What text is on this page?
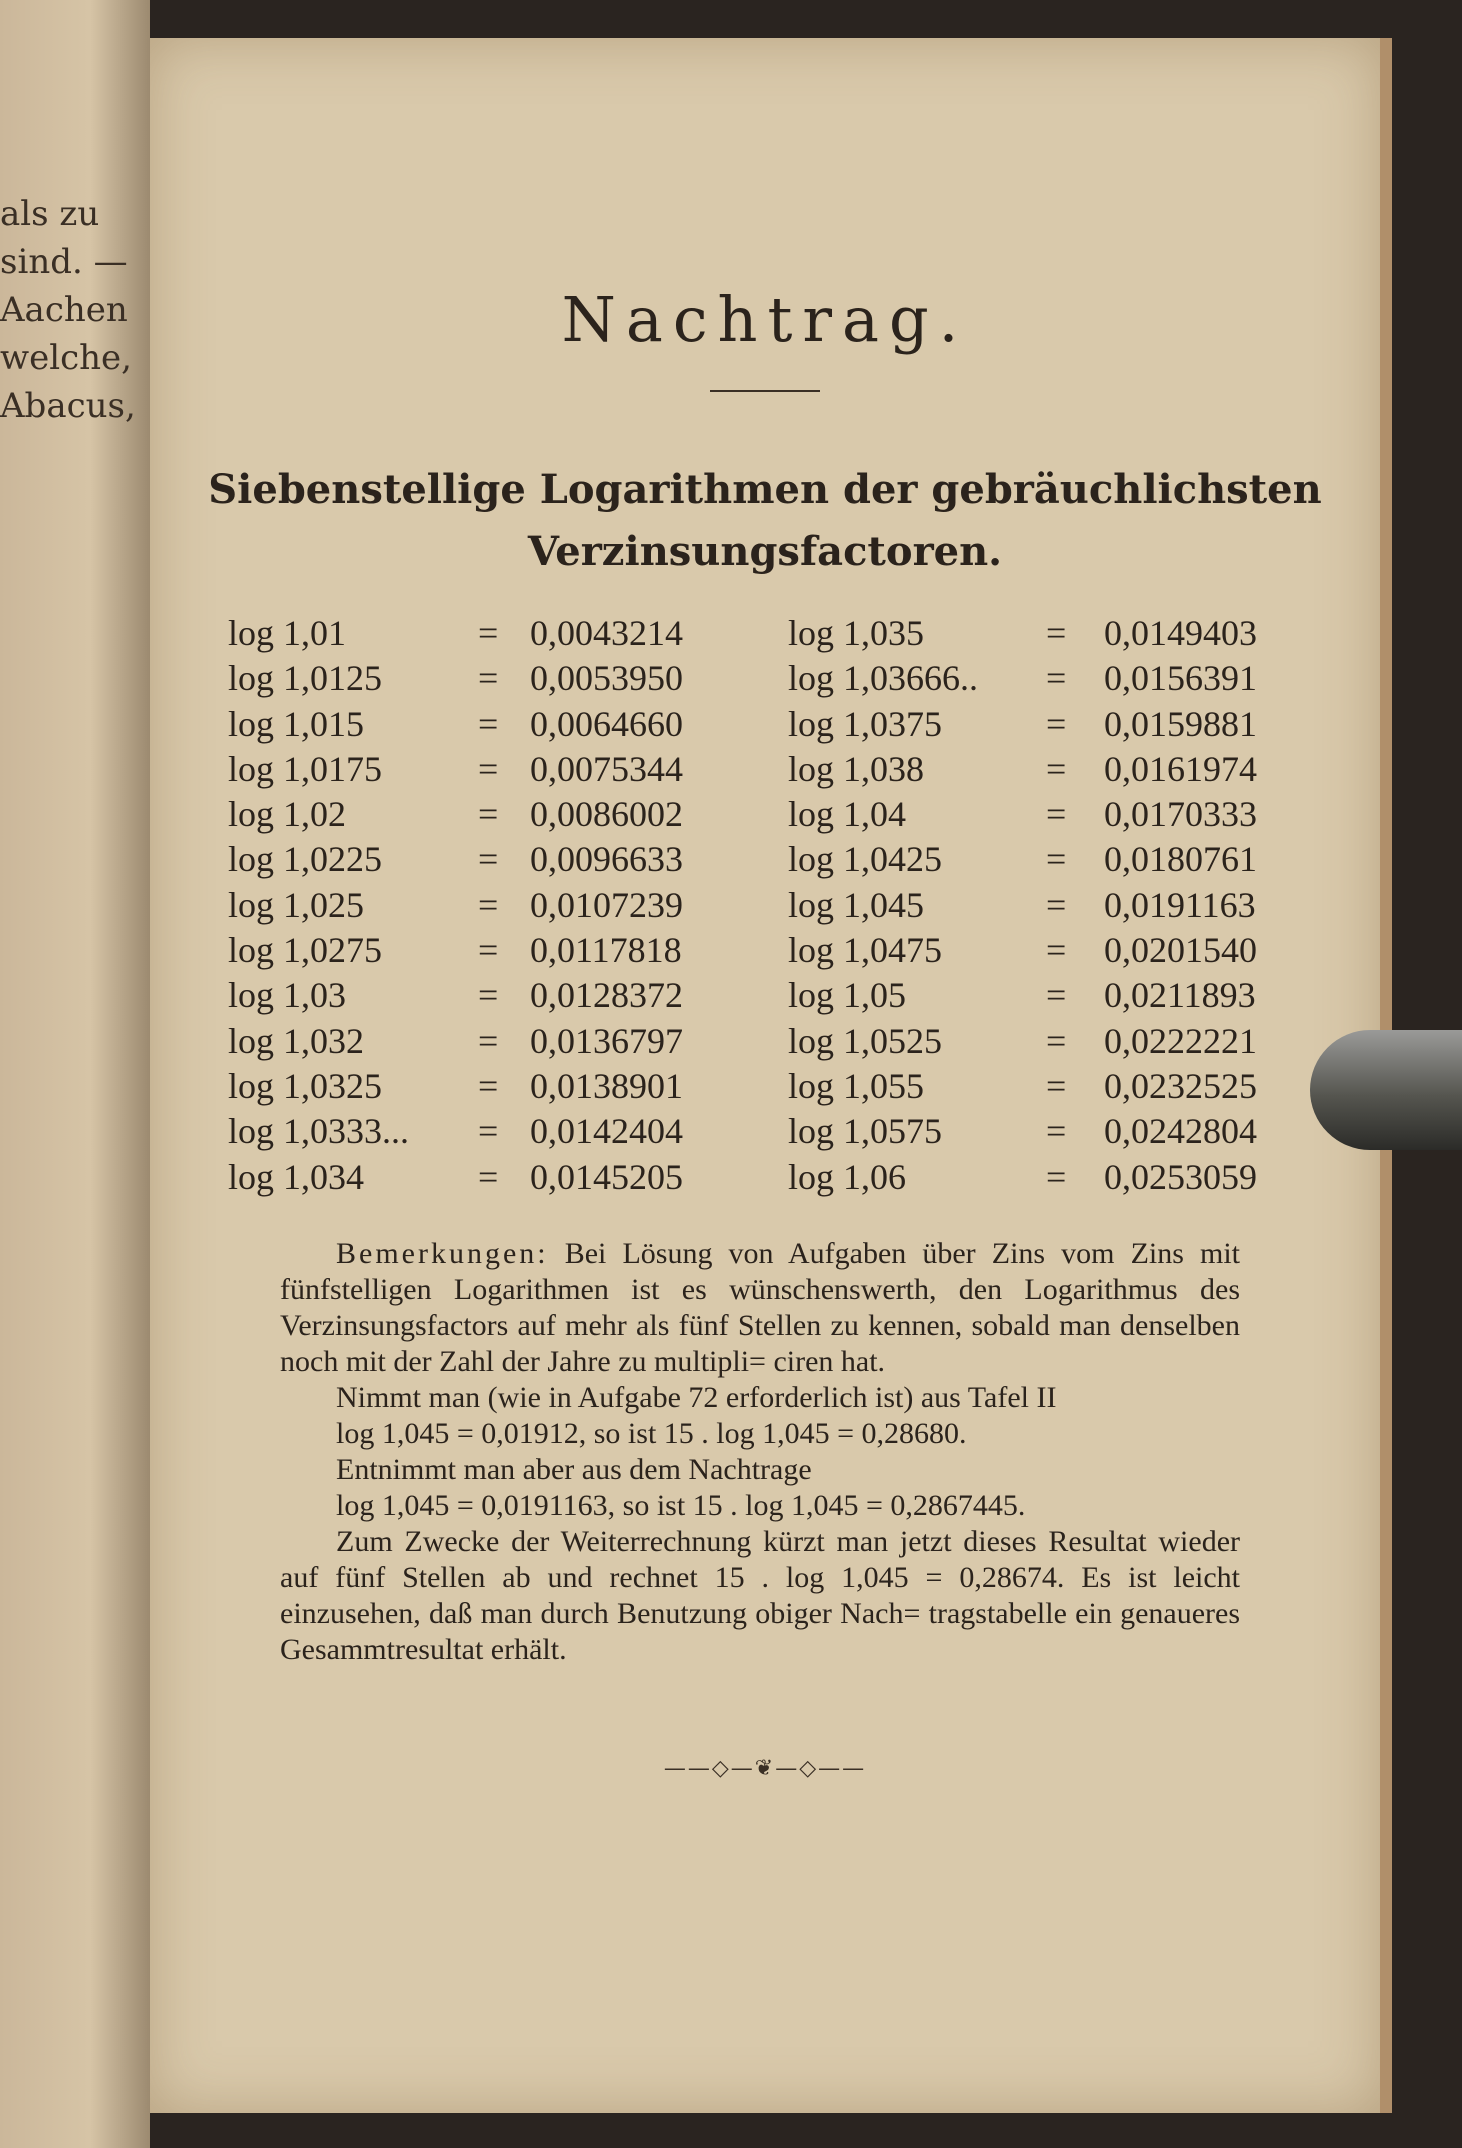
als zu
sind. —
Aachen
welche,
Abacus,
Nachtrag.
Siebenstellige Logarithmen der gebräuchlichsten
Verzinsungsfactoren.
log 1,01	= 0,0043214
log 1,0125	= 0,0053950
log 1,015	= 0,0064660
log 1,0175	= 0,0075344
log 1,02	= 0,0086002
log 1,0225	= 0,0096633
log 1,025	= 0,0107239
log 1,0275	= 0,0117818
log 1,03	= 0,0128372
log 1,032	= 0,0136797
log 1,0325	= 0,0138901
log 1,0333... = 0,0142404
log 1,034	= 0,0145205
log 1,035	= 0,0149403
log 1,03666.. = 0,0156391
log 1,0375	= 0,0159881
log 1,038	= 0,0161974
log 1,04	= 0,0170333
log 1,0425	= 0,0180761
log 1,045	= 0,0191163
log 1,0475	= 0,0201540
log 1,05	= 0,0211893
log 1,0525	= 0,0222221
log 1,055	= 0,0232525
log 1,0575	= 0,0242804
log 1,06	= 0,0253059

Bemerkungen: Bei Lösung von Aufgaben über Zins vom Zins mit fünfstelligen Logarithmen ist es wünschenswerth, den Logarithmus des Verzinsungsfactors auf mehr als fünf Stellen zu kennen, sobald man denselben noch mit der Zahl der Jahre zu multipli= ciren hat.

Nimmt man (wie in Aufgabe 72 erforderlich ist) aus Tafel II

log 1,045 = 0,01912, so ist 15 . log 1,045 = 0,28680.

Entnimmt man aber aus dem Nachtrage

log 1,045 = 0,0191163, so ist 15 . log 1,045 = 0,2867445.

Zum Zwecke der Weiterrechnung kürzt man jetzt dieses Resultat wieder auf fünf Stellen ab und rechnet 15 . log 1,045 = 0,28674. Es ist leicht einzusehen, daß man durch Benutzung obiger Nach= tragstabelle ein genaueres Gesammtresultat erhält.

——◇—❦—◇——
